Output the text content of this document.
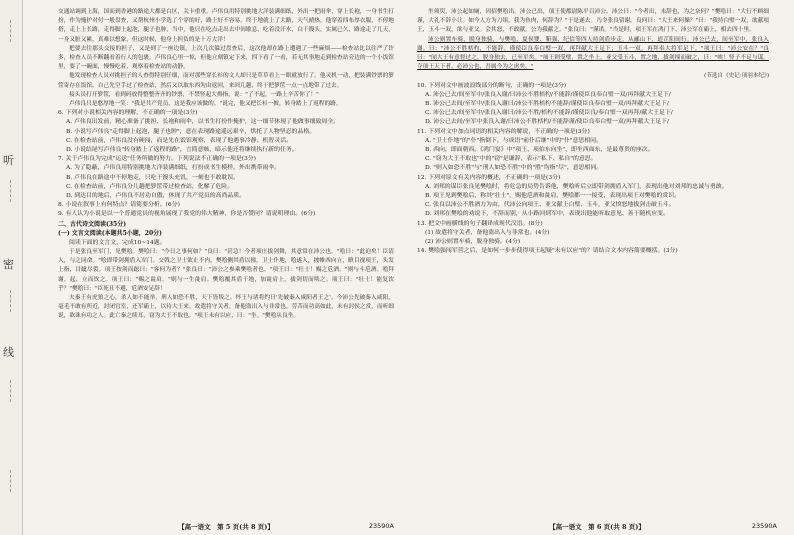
听
密
线

交通站调到上海，国而到香港的路途大都是白区，关卡重重。卢伟良用特别挑地大洋装满细纸，外出一把雨伞，穿上长袍，一身书生打扮，作为掩护对付一般盘查，又帮杭州小学选了个穿的好，路上好不容易，终于地就上了大路，天气晴热，他穿着四布厚衣服，不停地搭，走上上长路，走得脚上起泡，腿子也肿，当中，他只在吃点走出去中间歇息，吃着没汗水，白干馒头，实属已久，路途走了几天，一身又脏又累，真难以想象，但这时候，他身上担负的是十万大洋！

把要去往那头交接的担子，又是到了一座边镇，上次几次躲过盘查后，这次他却在路上遭遇了一些麻烦——检查站比以往严了许多，检查人员不断翻看着行人的包裹。卢伟良心里一惊，但他立刻镇定下来，四下看了一看，若无其事地走到检查站旁边的一个小饭馆里，要了一碗面，慢慢吃着，观察着检查站的动静。

他发现检查人员对挑担子的人查得特别仔细，而对那些穿长衫的文人却只是草草看上一眼就放行了。他灵机一动，把装满钞票的箩筐寄存在饭馆，自己先空手过了检查站，然后又以取东西为由返回，来回几趟，终于把箩筐一点一点地带了过去。

接头员打开箩筐，看到码放得整整齐齐的钞票，不禁竖起大拇指，说："了不起，一路上辛苦你了！"

卢伟良只是憨厚地一笑："我是共产党员，这是我应该做的。"说完，他又把长衫一披，转身踏上了返程的路。

6. 下列对小说相关内容的理解，不正确的一项是(3分)

A. 卢伟良出发前，精心准备了挑担、长袍和雨伞，以书生打扮作掩护，这一细节体现了他做事细致周全。

B. 小说写卢伟良"走得脚上起泡，腿子也肿"，意在表现路途遥远艰辛，烘托了人物坚忍的品格。

C. 在检查站前，卢伟良没有硬闯，而是先在饭馆观察，表现了他遇事冷静、机智灵活。

D. 小说结尾写卢伟良"转身踏上了返程的路"，言简意赅，暗示他还将继续执行新的任务。

7. 关于卢伟良为完成"运送"任务所做的努力，下列说法不正确的一项是(3分)

A. 为了隐蔽，卢伟良用特别挑地大洋装满细纸，打扮成书生模样，外出携带雨伞。

B. 卢伟良在路途中不停地走，只吃干馒头充饥，一刻也不敢耽误。

C. 在检查站前，卢伟良分几趟把箩筐带过检查站，化解了危险。

D. 到达目的地后，卢伟良不居功自傲，体现了共产党员的高尚品质。

8. 小说在叙事上有何特点？请简要分析。(6分)

9. 有人认为小说是以一个普通党员的视角展现了我党的伟大精神，你是否赞同？请说明理由。(6分)

二、古代诗文阅读(35分)

(一) 文言文阅读(本题共5小题，20分)

阅读下面的文言文，完成10~14题。

于是张良至军门，见樊哙。樊哙曰："今日之事何如？"良曰："甚急！今者项庄拔剑舞，其意常在沛公也。"哙曰："此迫矣！臣请入，与之同命。"哙即带剑拥盾入军门。交戟之卫士欲止不内，樊哙侧其盾以撞，卫士仆地，哙遂入，披帷西向立，瞋目视项王，头发上指，目眦尽裂。项王按剑而跽曰："客何为者？"张良曰："沛公之参乘樊哙者也。"项王曰："壮士！赐之卮酒。"则与斗卮酒。哙拜谢，起，立而饮之。项王曰："赐之彘肩。"则与一生彘肩。樊哙覆其盾于地，加彘肩上，拔剑切而啖之。项王曰："壮士！能复饮乎？"樊哙曰："臣死且不避，卮酒安足辞！

夫秦王有虎狼之心，杀人如不能举，刑人如恐不胜，天下皆叛之。怀王与诸将约曰'先破秦入咸阳者王之'。今沛公先破秦入咸阳，毫毛不敢有所近，封闭宫室，还军霸上，以待大王来。故遣将守关者，备他盗出入与非常也。劳苦而功高如此，未有封侯之赏，而听细说，欲诛有功之人。此亡秦之续耳，窃为大王不取也。"项王未有以应，曰："坐。"樊哙从良坐。

坐须臾，沛公起如厕，因招樊哙出。沛公已出，项王使都尉陈平召沛公。沛公曰："今者出，未辞也，为之奈何？"樊哙曰："大行不顾细谨，大礼不辞小让。如今人方为刀俎，我为鱼肉，何辞为？"于是遂去。乃令张良留谢。良问曰："大王来何操？"曰："我持白璧一双，欲献项王，玉斗一双，欲与亚父。会其怒，不敢献。公为我献之。"张良曰："谨诺。"当是时，项王军在鸿门下，沛公军在霸上，相去四十里。

沛公则置车骑，脱身独骑，与樊哙、夏侯婴、靳强、纪信等四人持剑盾步走，从郦山下，道芷阳间行。沛公已去，间至军中，张良入谢，曰："沛公不胜桮杓，不能辞。谨使臣良奉白璧一双，再拜献大王足下；玉斗一双，再拜奉大将军足下。"项王曰："沛公安在？"良曰："闻大王有意督过之，脱身独去，已至军矣。"项王则受璧，置之坐上。亚父受玉斗，置之地，拔剑撞而破之，曰："唉！竖子不足与谋。夺项王天下者，必沛公也，吾属今为之虏矣。"

(节选自《史记·项羽本纪》)

10. 下列对文中画波浪线部分的断句，正确的一项是(3分)

A. 沛公已去/间至军中/张良入谢/曰沛公不胜桮杓/不能辞/谨使臣良奉白璧一双/再拜献大王足下/

B. 沛公已去间/至军中/张良入谢曰/沛公不胜桮杓不能辞/谨使臣良奉白璧一双/再拜献大王足下/

C. 沛公已去/间至军中/张良入谢曰/沛公不胜/桮杓不能辞/谨使臣良/奉白璧一双再拜/献大王足下/

D. 沛公已去间/至军中张良入谢/曰沛公不胜桮杓/不能辞谨/使臣良奉白璧一双/再拜献大王足下/

11. 下列对文中加点词语的相关内容的解说，不正确的一项是(3分)

A. "卫士仆地"的"仆"指倒下，与成语"前仆后继"中的"仆"意思相同。

B. 西向，即面朝西。《鸿门宴》中"项王、项伯东向坐"，即坐西面东，是最尊贵的座次。

C. "窃为大王不取也"中的"窃"是谦辞，表示"私下、私自"的意思。

D. "则入如恐不胜"与"刑人如恐不胜"中的"胜"均指"尽"，意思相同。

12. 下列对原文有关内容的概述，不正确的一项是(3分)

A. 刘邦的谋臣张良见樊哙时，将危急的局势告诉他，樊哙听后立即带剑拥盾入军门，表现出他对刘邦的忠诚与勇敢。

B. 项王见到樊哙后，称其"壮士"，赐他卮酒和彘肩，樊哙都一一接受，表现出项王对樊哙的赏识。

C. 张良以沛公不胜酒力为由，代沛公向项王、亚父献上白璧、玉斗，亚父愤怒地拔剑击破玉斗。

D. 刘邦在樊哙的劝说下，不辞而别，从小路回到军中，表现出他能听取意见、善于随机应变。

13. 把文中画横线的句子翻译成现代汉语。(8分)

(1) 故遣将守关者，备他盗出入与非常也。(4分)

(2) 沛公则置车骑，脱身独骑。(4分)

14. 樊哙强闯军营之后，是如何一步步使得项王起疑"未有以应"的？请结合文本内容简要概括。(3分)

【高一语文　第 5 页(共 8 页)】	23590A	【高一语文　第 6 页(共 8 页)】	23590A
